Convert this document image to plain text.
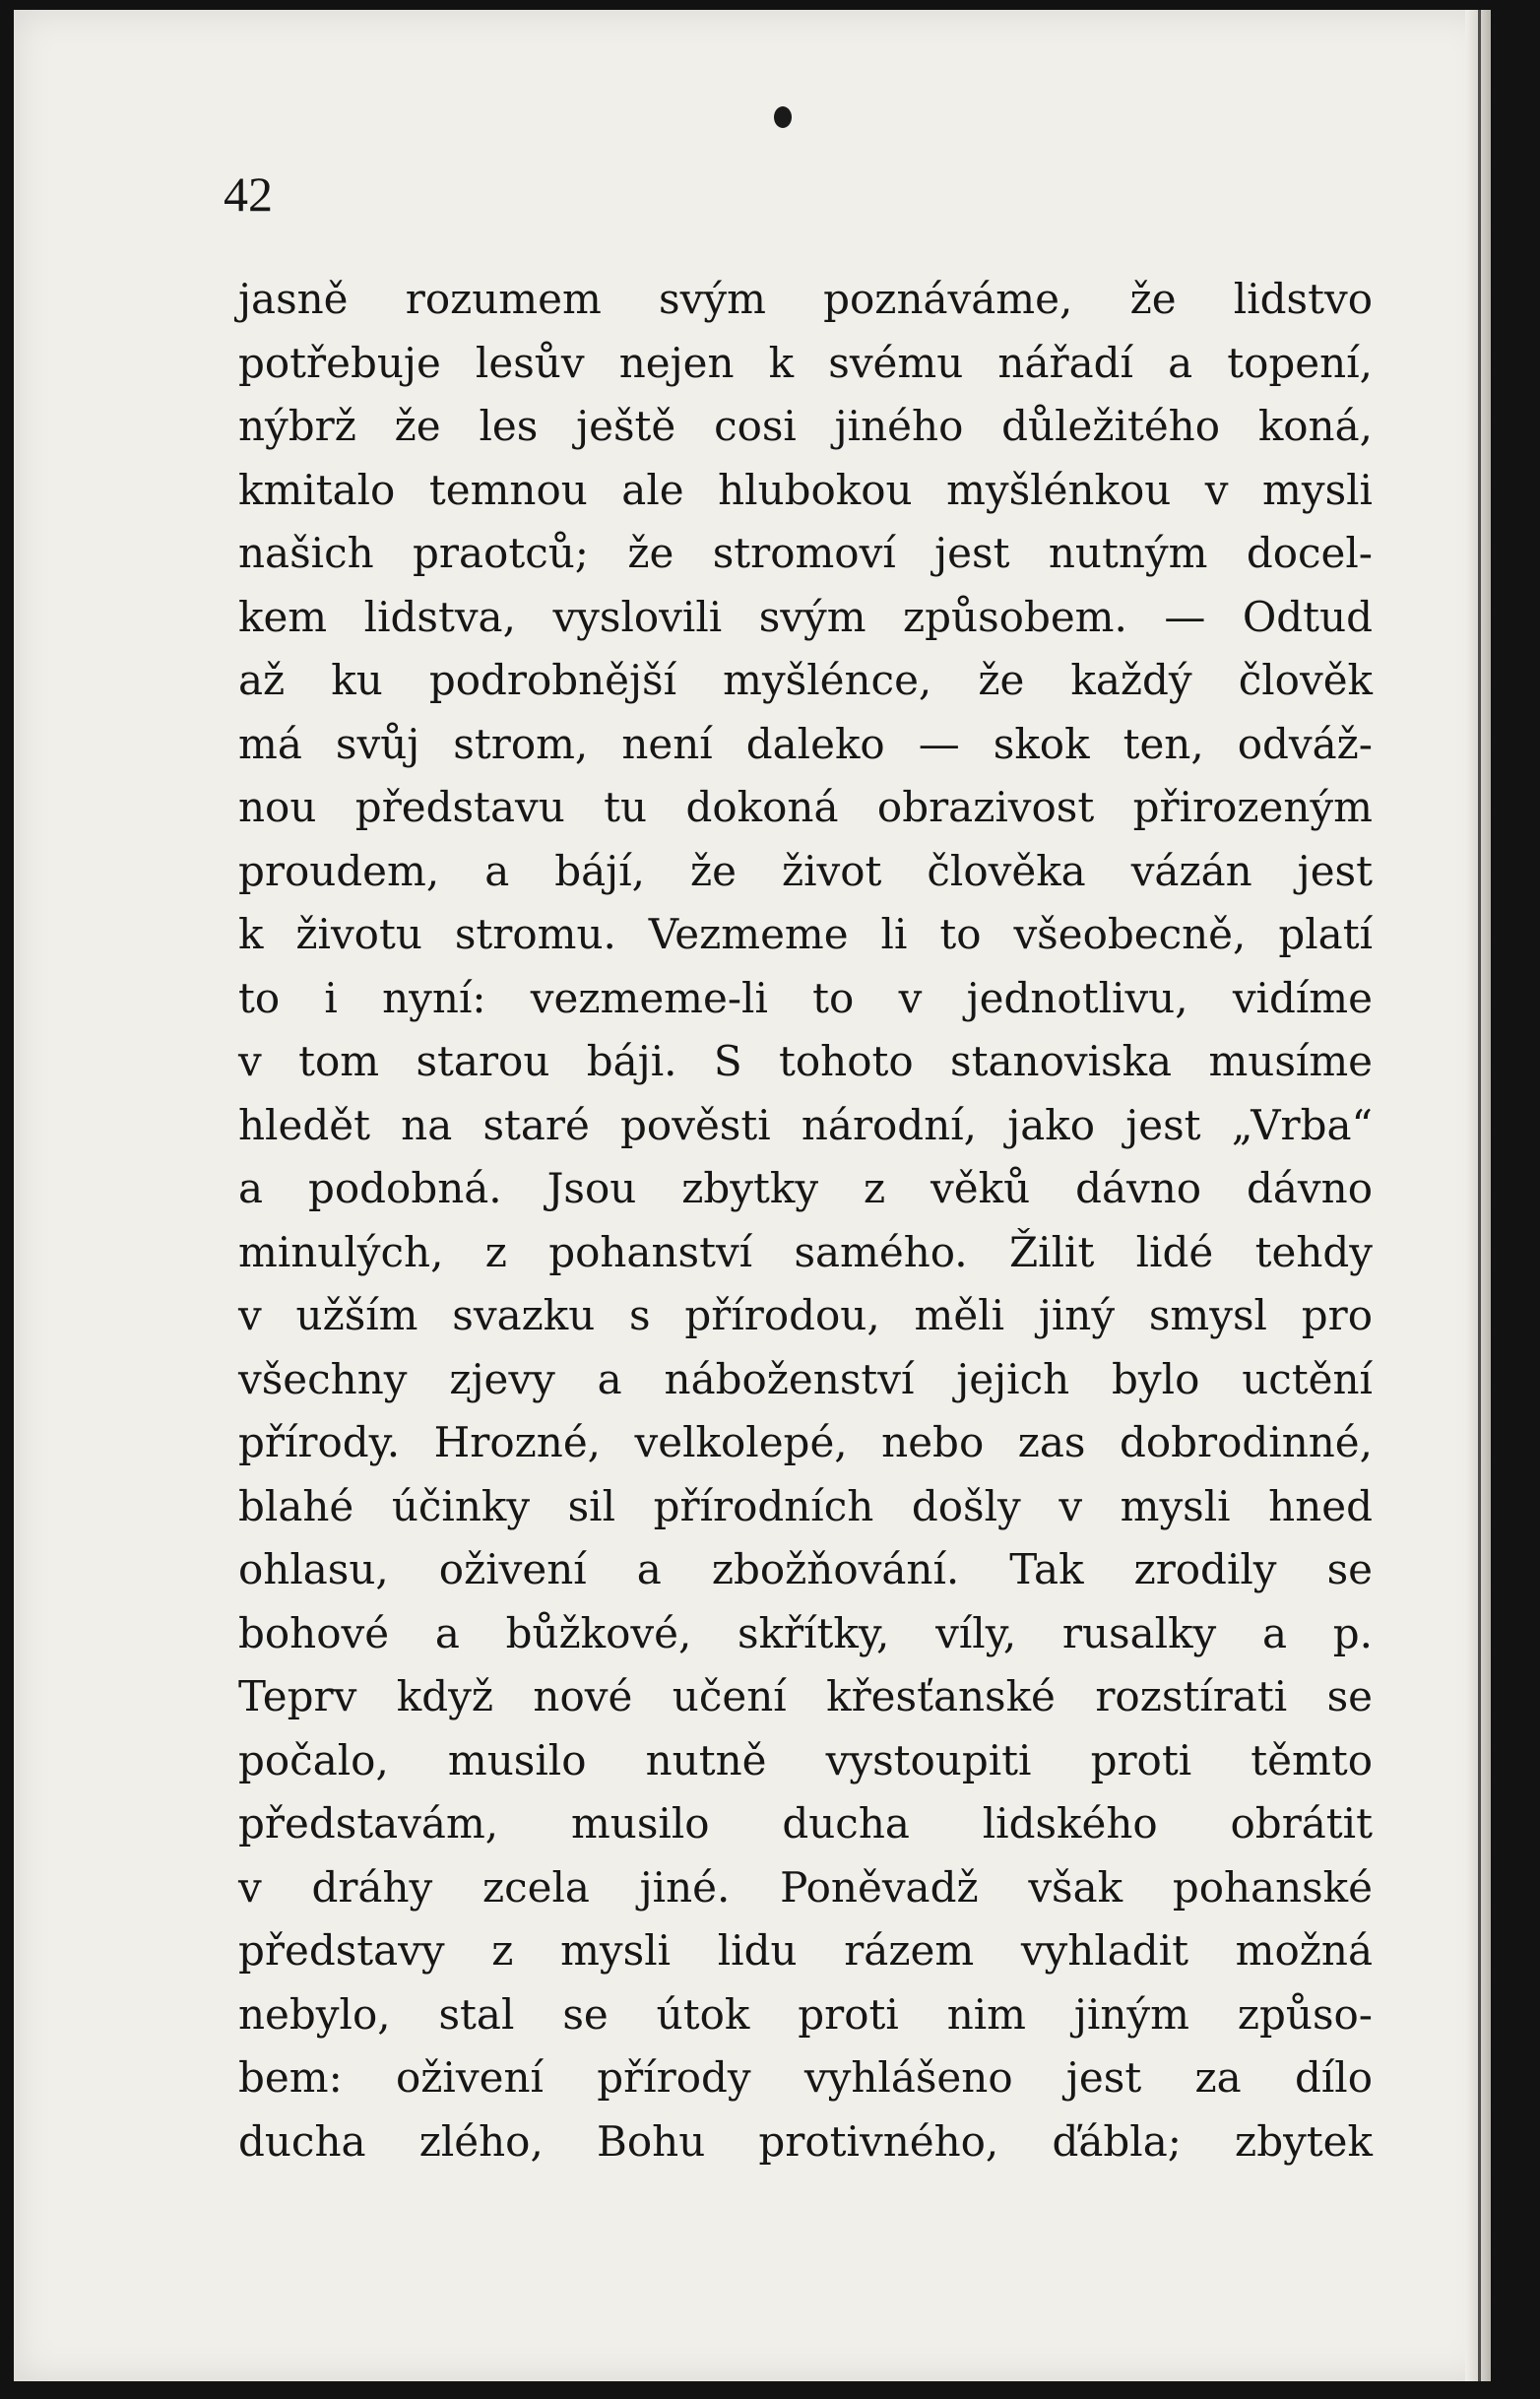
42
jasně rozumem svým poznáváme, že lidstvo
potřebuje lesův nejen k svému nářadí a topení,
nýbrž že les ještě cosi jiného důležitého koná,
kmitalo temnou ale hlubokou myšlénkou v mysli
našich praotců; že stromoví jest nutným docel-
kem lidstva, vyslovili svým způsobem. — Odtud
až ku podrobnější myšlénce, že každý člověk
má svůj strom, není daleko — skok ten, odváž-
nou představu tu dokoná obrazivost přirozeným
proudem, a bájí, že život člověka vázán jest
k životu stromu. Vezmeme li to všeobecně, platí
to i nyní: vezmeme-li to v jednotlivu, vidíme
v tom starou báji. S tohoto stanoviska musíme
hledět na staré pověsti národní, jako jest „Vrba“
a podobná. Jsou zbytky z věků dávno dávno
minulých, z pohanství samého. Žilit lidé tehdy
v užším svazku s přírodou, měli jiný smysl pro
všechny zjevy a náboženství jejich bylo uctění
přírody. Hrozné, velkolepé, nebo zas dobrodinné,
blahé účinky sil přírodních došly v mysli hned
ohlasu, oživení a zbožňování. Tak zrodily se
bohové a bůžkové, skřítky, víly, rusalky a p.
Teprv když nové učení křesťanské rozstírati se
počalo, musilo nutně vystoupiti proti těmto
představám, musilo ducha lidského obrátit
v dráhy zcela jiné. Poněvadž však pohanské
představy z mysli lidu rázem vyhladit možná
nebylo, stal se útok proti nim jiným způso-
bem: oživení přírody vyhlášeno jest za dílo
ducha zlého, Bohu protivného, ďábla; zbytek
